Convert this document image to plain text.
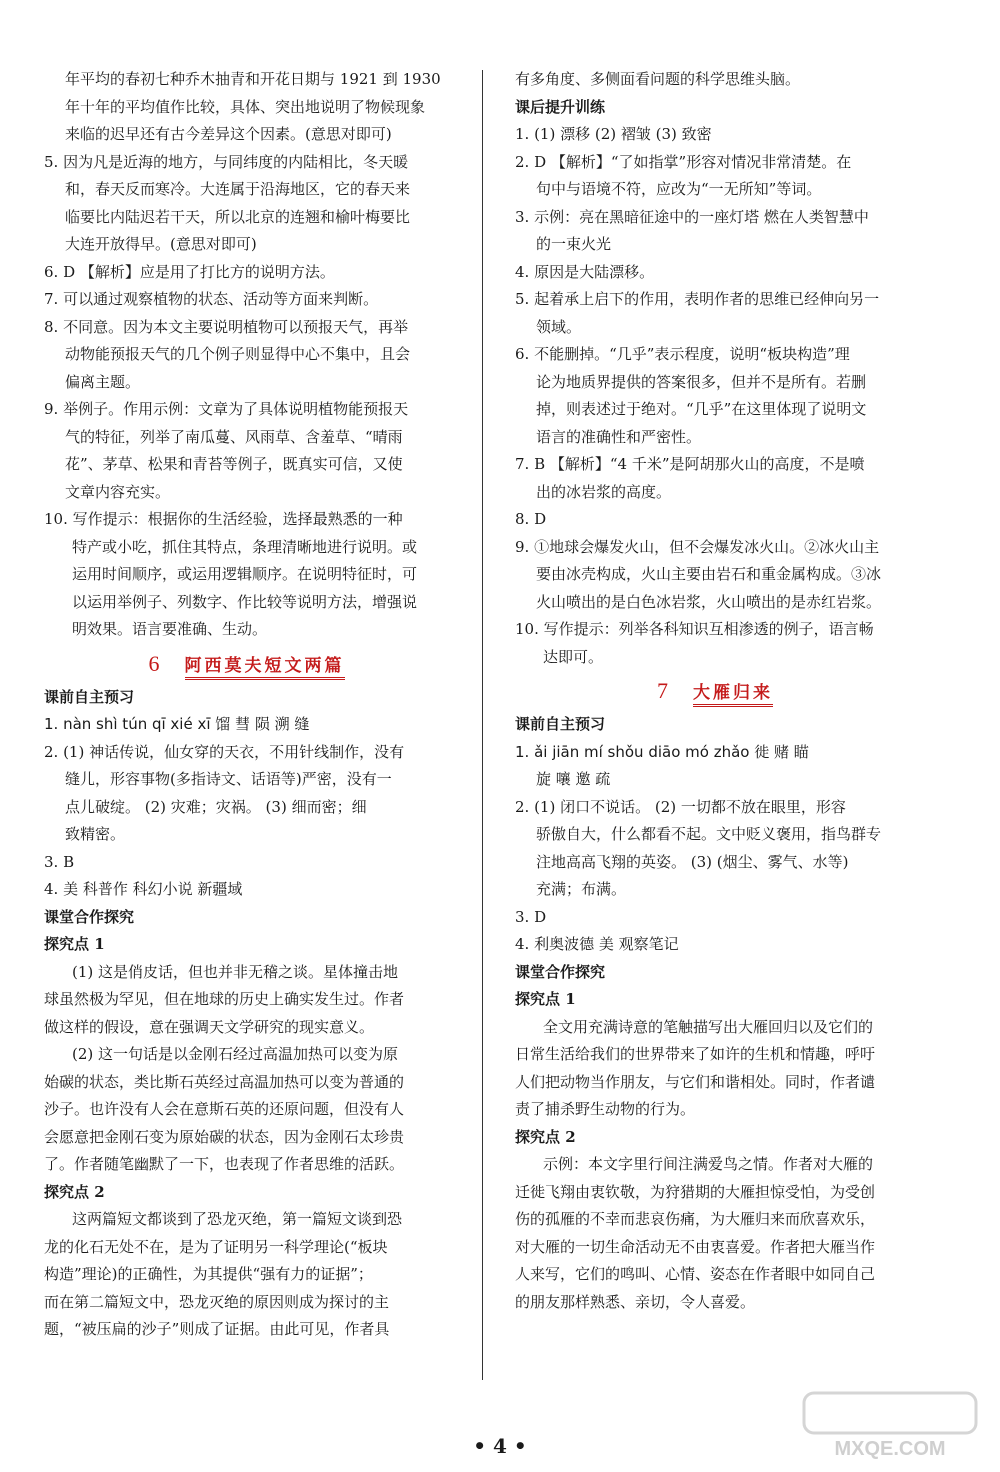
年平均的春初七种乔木抽青和开花日期与 1921 到 1930
年十年的平均值作比较，具体、突出地说明了物候现象
来临的迟早还有古今差异这个因素。(意思对即可)
5. 因为凡是近海的地方，与同纬度的内陆相比，冬天暖
和，春天反而寒冷。大连属于沿海地区，它的春天来
临要比内陆迟若干天，所以北京的连翘和榆叶梅要比
大连开放得早。(意思对即可)
6. D 【解析】应是用了打比方的说明方法。
7. 可以通过观察植物的状态、活动等方面来判断。
8. 不同意。因为本文主要说明植物可以预报天气，再举
动物能预报天气的几个例子则显得中心不集中，且会
偏离主题。
9. 举例子。作用示例：文章为了具体说明植物能预报天
气的特征，列举了南瓜蔓、风雨草、含羞草、“晴雨
花”、茅草、松果和青苔等例子，既真实可信，又使
文章内容充实。
10. 写作提示：根据你的生活经验，选择最熟悉的一种
特产或小吃，抓住其特点，条理清晰地进行说明。或
运用时间顺序，或运用逻辑顺序。在说明特征时，可
以运用举例子、列数字、作比较等说明方法，增强说
明效果。语言要准确、生动。
6 阿西莫夫短文两篇
课前自主预习
1. nàn shì tún qī xié xī 馏 彗 陨 溯 缝
2. (1) 神话传说，仙女穿的天衣，不用针线制作，没有
缝儿，形容事物(多指诗文、话语等)严密，没有一
点儿破绽。 (2) 灾难；灾祸。 (3) 细而密；细
致精密。
3. B
4. 美 科普作 科幻小说 新疆域
课堂合作探究
探究点 1
(1) 这是俏皮话，但也并非无稽之谈。星体撞击地
球虽然极为罕见，但在地球的历史上确实发生过。作者
做这样的假设，意在强调天文学研究的现实意义。
(2) 这一句话是以金刚石经过高温加热可以变为原
始碳的状态，类比斯石英经过高温加热可以变为普通的
沙子。也许没有人会在意斯石英的还原问题，但没有人
会愿意把金刚石变为原始碳的状态，因为金刚石太珍贵
了。作者随笔幽默了一下，也表现了作者思维的活跃。
探究点 2
这两篇短文都谈到了恐龙灭绝，第一篇短文谈到恐
龙的化石无处不在，是为了证明另一科学理论(“板块
构造”理论)的正确性，为其提供“强有力的证据”；
而在第二篇短文中，恐龙灭绝的原因则成为探讨的主
题，“被压扁的沙子”则成了证据。由此可见，作者具
有多角度、多侧面看问题的科学思维头脑。
课后提升训练
1. (1) 漂移 (2) 褶皱 (3) 致密
2. D 【解析】“了如指掌”形容对情况非常清楚。在
句中与语境不符，应改为“一无所知”等词。
3. 示例：亮在黑暗征途中的一座灯塔 燃在人类智慧中
的一束火光
4. 原因是大陆漂移。
5. 起着承上启下的作用，表明作者的思维已经伸向另一
领域。
6. 不能删掉。“几乎”表示程度，说明“板块构造”理
论为地质界提供的答案很多，但并不是所有。若删
掉，则表述过于绝对。“几乎”在这里体现了说明文
语言的准确性和严密性。
7. B 【解析】“4 千米”是阿胡那火山的高度，不是喷
出的冰岩浆的高度。
8. D
9. ①地球会爆发火山，但不会爆发冰火山。②冰火山主
要由冰壳构成，火山主要由岩石和重金属构成。③冰
火山喷出的是白色冰岩浆，火山喷出的是赤红岩浆。
10. 写作提示：列举各科知识互相渗透的例子，语言畅
达即可。
7 大雁归来
课前自主预习
1. ǎi jiān mí shǒu diāo mó zhǎo 徙 赌 瞄
旋 嚷 邀 疏
2. (1) 闭口不说话。 (2) 一切都不放在眼里，形容
骄傲自大，什么都看不起。文中贬义褒用，指鸟群专
注地高高飞翔的英姿。 (3) (烟尘、雾气、水等)
充满；布满。
3. D
4. 利奥波德 美 观察笔记
课堂合作探究
探究点 1
全文用充满诗意的笔触描写出大雁回归以及它们的
日常生活给我们的世界带来了如许的生机和情趣，呼吁
人们把动物当作朋友，与它们和谐相处。同时，作者谴
责了捕杀野生动物的行为。
探究点 2
示例：本文字里行间注满爱鸟之情。作者对大雁的
迁徙飞翔由衷钦敬，为狩猎期的大雁担惊受怕，为受创
伤的孤雁的不幸而悲哀伤痛，为大雁归来而欣喜欢乐，
对大雁的一切生命活动无不由衷喜爱。作者把大雁当作
人来写，它们的鸣叫、心情、姿态在作者眼中如同自己
的朋友那样熟悉、亲切，令人喜爱。
• 4 •	MXQE.COM
